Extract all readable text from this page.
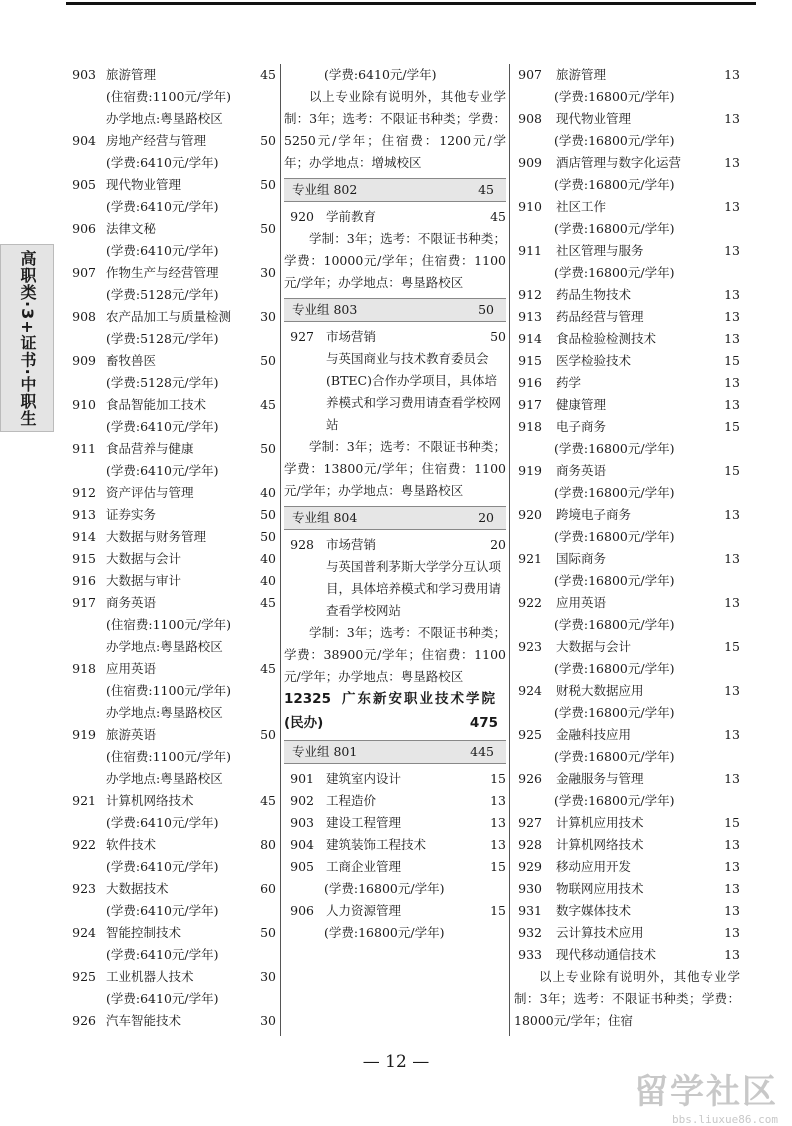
高职类·3+证书·中职生
903 旅游管理	45
(住宿费:1100元/学年)
办学地点:粤垦路校区
904 房地产经营与管理	50
(学费:6410元/学年)
905 现代物业管理	50
(学费:6410元/学年)
906 法律文秘	50
(学费:6410元/学年)
907 作物生产与经营管理	30
(学费:5128元/学年)
908 农产品加工与质量检测 30
(学费:5128元/学年)
909 畜牧兽医	50
(学费:5128元/学年)
910 食品智能加工技术	45
(学费:6410元/学年)
911 食品营养与健康	50
(学费:6410元/学年)
912 资产评估与管理	40
913 证券实务	50
914 大数据与财务管理	50
915 大数据与会计	40
916 大数据与审计	40
917 商务英语	45
(住宿费:1100元/学年)
办学地点:粤垦路校区
918 应用英语	45
(住宿费:1100元/学年)
办学地点:粤垦路校区
919 旅游英语	50
(住宿费:1100元/学年)
办学地点:粤垦路校区
921 计算机网络技术	45
(学费:6410元/学年)
922 软件技术	80
(学费:6410元/学年)
923 大数据技术	60
(学费:6410元/学年)
924 智能控制技术	50
(学费:6410元/学年)
925 工业机器人技术	30
(学费:6410元/学年)
926 汽车智能技术	30
(学费:6410元/学年)
以上专业除有说明外，其他专业学制：3年；选考：不限证书种类；学费：5250元/学年；住宿费：1200元/学年；办学地点：增城校区
专业组 802	45
920 学前教育	45
学制：3年；选考：不限证书种类；学费：10000元/学年；住宿费：1100元/学年；办学地点：粤垦路校区
专业组 803	50
927 市场营销	50
与英国商业与技术教育委员会(BTEC)合作办学项目，具体培养模式和学习费用请查看学校网站
学制：3年；选考：不限证书种类；学费：13800元/学年；住宿费：1100元/学年；办学地点：粤垦路校区
专业组 804	20
928 市场营销	20
与英国普利茅斯大学学分互认项目，具体培养模式和学习费用请查看学校网站
学制：3年；选考：不限证书种类；学费：38900元/学年；住宿费：1100元/学年；办学地点：粤垦路校区
12325 广东新安职业技术学院
(民办)	475
专业组 801	445
901 建筑室内设计	15
902 工程造价	13
903 建设工程管理	13
904 建筑装饰工程技术	13
905 工商企业管理	15
(学费:16800元/学年)
906 人力资源管理	15
(学费:16800元/学年)
907 旅游管理	13
(学费:16800元/学年)
908 现代物业管理	13
(学费:16800元/学年)
909 酒店管理与数字化运营	13
(学费:16800元/学年)
910 社区工作	13
(学费:16800元/学年)
911 社区管理与服务	13
(学费:16800元/学年)
912 药品生物技术	13
913 药品经营与管理	13
914 食品检验检测技术	13
915 医学检验技术	15
916 药学	13
917 健康管理	13
918 电子商务	15
(学费:16800元/学年)
919 商务英语	15
(学费:16800元/学年)
920 跨境电子商务	13
(学费:16800元/学年)
921 国际商务	13
(学费:16800元/学年)
922 应用英语	13
(学费:16800元/学年)
923 大数据与会计	15
(学费:16800元/学年)
924 财税大数据应用	13
(学费:16800元/学年)
925 金融科技应用	13
(学费:16800元/学年)
926 金融服务与管理	13
(学费:16800元/学年)
927 计算机应用技术	15
928 计算机网络技术	13
929 移动应用开发	13
930 物联网应用技术	13
931 数字媒体技术	13
932 云计算技术应用	13
933 现代移动通信技术	13
以上专业除有说明外，其他专业学制：3年；选考：不限证书种类；学费：18000元/学年；住宿
— 12 —
留学社区
bbs.liuxue86.com
